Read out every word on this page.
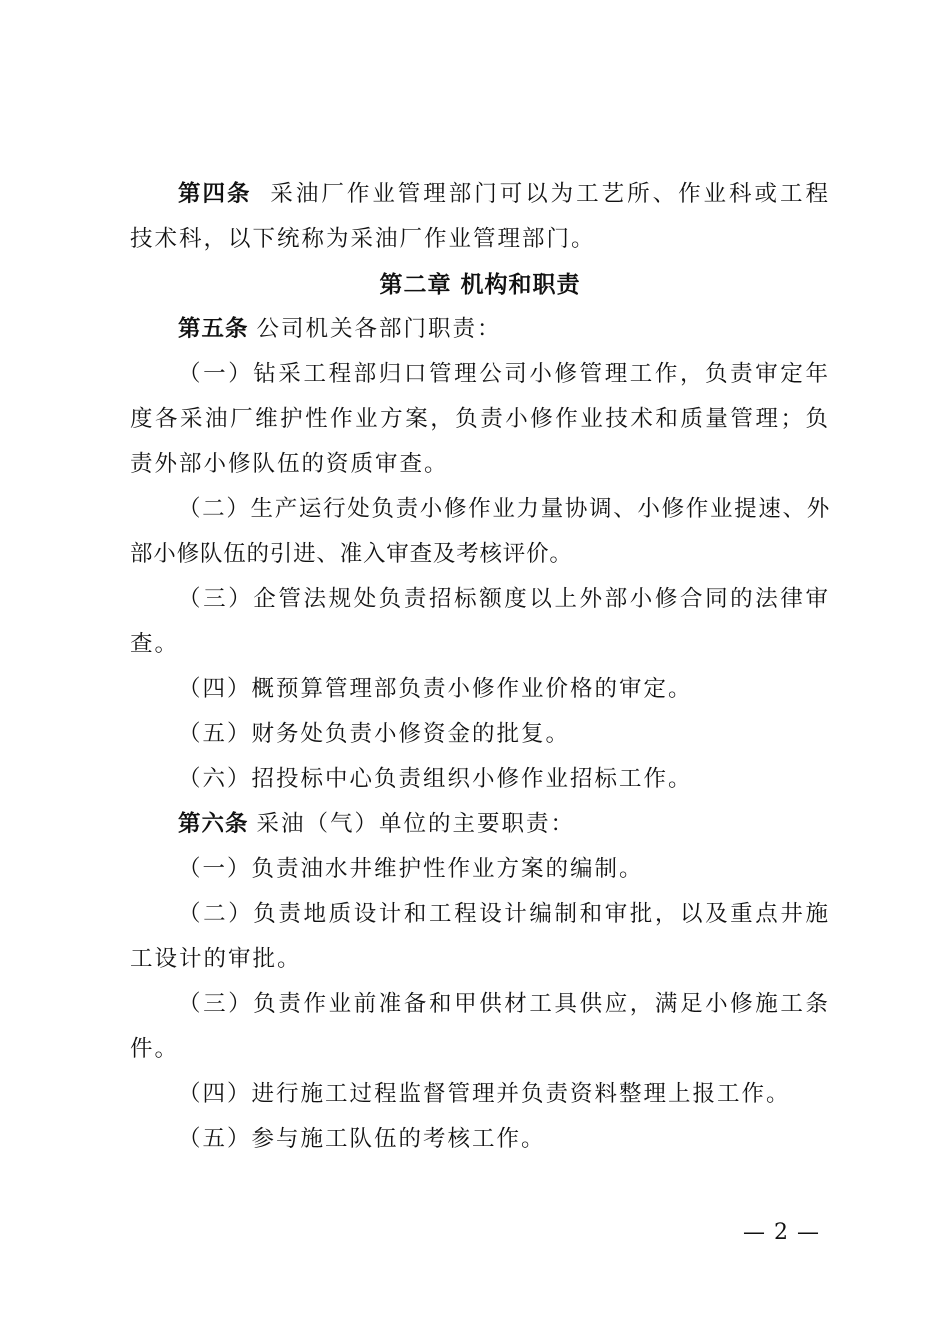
第四条 采油厂作业管理部门可以为工艺所、作业科或工程技术科，以下统称为采油厂作业管理部门。

第二章 机构和职责

第五条 公司机关各部门职责：

（一）钻采工程部归口管理公司小修管理工作，负责审定年度各采油厂维护性作业方案，负责小修作业技术和质量管理；负责外部小修队伍的资质审查。

（二）生产运行处负责小修作业力量协调、小修作业提速、外部小修队伍的引进、准入审查及考核评价。

（三）企管法规处负责招标额度以上外部小修合同的法律审查。

（四）概预算管理部负责小修作业价格的审定。

（五）财务处负责小修资金的批复。

（六）招投标中心负责组织小修作业招标工作。

第六条 采油（气）单位的主要职责：

（一）负责油水井维护性作业方案的编制。

（二）负责地质设计和工程设计编制和审批，以及重点井施工设计的审批。

（三）负责作业前准备和甲供材工具供应，满足小修施工条件。

（四）进行施工过程监督管理并负责资料整理上报工作。

（五）参与施工队伍的考核工作。

— 2 —
